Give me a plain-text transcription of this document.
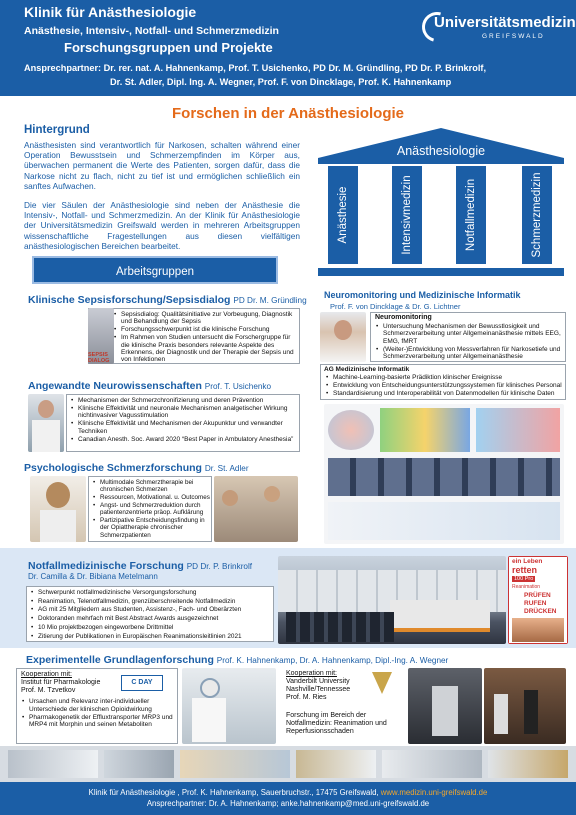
Klinik für Anästhesiologie
Anästhesie, Intensiv-, Notfall- und Schmerzmedizin
Forschungsgruppen und Projekte
Ansprechpartner: Dr. rer. nat. A. Hahnenkamp, Prof. T. Usichenko, PD Dr. M. Gründling, PD Dr. P. Brinkrolf,
Dr. St. Adler, Dipl. Ing. A. Wegner, Prof. F. von Dincklage, Prof. K. Hahnenkamp
Universitätsmedizin
GREIFSWALD
Forschen in der Anästhesiologie
Hintergrund
Anästhesisten sind verantwortlich für Narkosen, schalten während einer Operation Bewusstsein und Schmerzempfinden im Körper aus, überwachen permanent die Werte des Patienten, sorgen dafür, dass die Narkose nicht zu flach, nicht zu tief ist und ermöglichen schließlich ein sanftes Aufwachen.
Die vier Säulen der Anästhesiologie sind neben der Anästhesie die Intensiv-, Notfall- und Schmerzmedizin. An der Klinik für Anästhesiologie der Universitätsmedizin Greifswald werden in mehreren Arbeitsgruppen wissenschaftliche Fragestellungen aus diesen vielfältigen anästhesiologischen Bereichen bearbeitet.
Anästhesiologie
Anästhesie	Intensivmedizin	Notfallmedizin	Schmerzmedizin
Arbeitsgruppen
Klinische Sepsisforschung/Sepsisdialog PD Dr. M. Gründling
• Sepsisdialog: Qualitätsinitiative zur Vorbeugung, Diagnostik und Behandlung der Sepsis
• Forschungsschwerpunkt ist die klinische Forschung
• Im Rahmen von Studien untersucht die Forschergruppe für die klinische Praxis besonders relevante Aspekte des Erkennens, der Diagnostik und der Therapie der Sepsis und von Infektionen
SEPSIS DIALOG
Neuromonitoring und Medizinische Informatik
Prof. F. von Dincklage & Dr. G. Lichtner
Neuromonitoring
• Untersuchung Mechanismen der Bewusstlosigkeit und Schmerzverarbeitung unter Allgemeinanästhesie mittels EEG, EMG, fMRT
• (Weiter-)Entwicklung von Messverfahren für Narkosetiefe und Schmerzverarbeitung unter Allgemeinanästhesie
AG Medizinische Informatik
• Machine-Learning-basierte Prädiktion klinischer Ereignisse
• Entwicklung von Entscheidungsunterstützungssystemen für klinisches Personal
• Standardisierung und Interoperabilität von Datenmodellen für klinische Daten
Angewandte Neurowissenschaften Prof. T. Usichenko
• Mechanismen der Schmerzchronifizierung und deren Prävention
• Klinische Effektivität und neuronale Mechanismen analgetischer Wirkung nichtinvasiver Vagusstimulation
• Klinische Effektivität und Mechanismen der Akupunktur und verwandter Techniken
• Canadian Anesth. Soc. Award 2020 “Best Paper in Ambulatory Anesthesia”
Psychologische Schmerzforschung Dr. St. Adler
• Multimodale Schmerztherapie bei chronischen Schmerzen
• Ressourcen, Motivational. u. Outcomes
• Angst- und Schmerzreduktion durch patientenzentrierte präop. Aufklärung
• Partizipative Entscheidungsfindung in der Opiattherapie chronischer Schmerzpatienten
Notfallmedizinische Forschung PD Dr. P. Brinkrolf
Dr. Camilla & Dr. Bibiana Metelmann
• Schwerpunkt notfallmedizinische Versorgungsforschung
• Reanimation, Telenotfallmedizin, grenzüberschreitende Notfallmedizin
• AG mit 25 Mitgliedern aus Studenten, Assistenz-, Fach- und Oberärzten
• Doktoranden mehrfach mit Best Abstract Awards ausgezeichnet
• 10 Mio projektbezogen eingeworbene Drittmittel
• Zitierung der Publikationen in Europäischen Reanimationsleitlinien 2021
ein Leben
retten
100 Pro
Reanimation
PRÜFEN
RUFEN
DRÜCKEN
Experimentelle Grundlagenforschung Prof. K. Hahnenkamp, Dr. A. Hahnenkamp, Dipl.-Ing. A. Wegner
Kooperation mit:
Institut für Pharmakologie
Prof. M. Tzvetkov
C DAY
• Ursachen und Relevanz inter-individueller Unterschiede der klinischen Opioidwirkung
• Pharmakogenetik der Effluxtransporter MRP3 und MRP4 mit Morphin und seinen Metaboliten
Kooperation mit:
Vanderbilt University
Nashville/Tennessee
Prof. M. Ries
Forschung im Bereich der Notfallmedizin: Reanimation und Reperfusionsschaden
Klinik für Anästhesiologie , Prof. K. Hahnenkamp, Sauerbruchstr., 17475 Greifswald, www.medizin.uni-greifswald.de
Ansprechpartner: Dr. A. Hahnenkamp; anke.hahnenkamp@med.uni-greifswald.de
